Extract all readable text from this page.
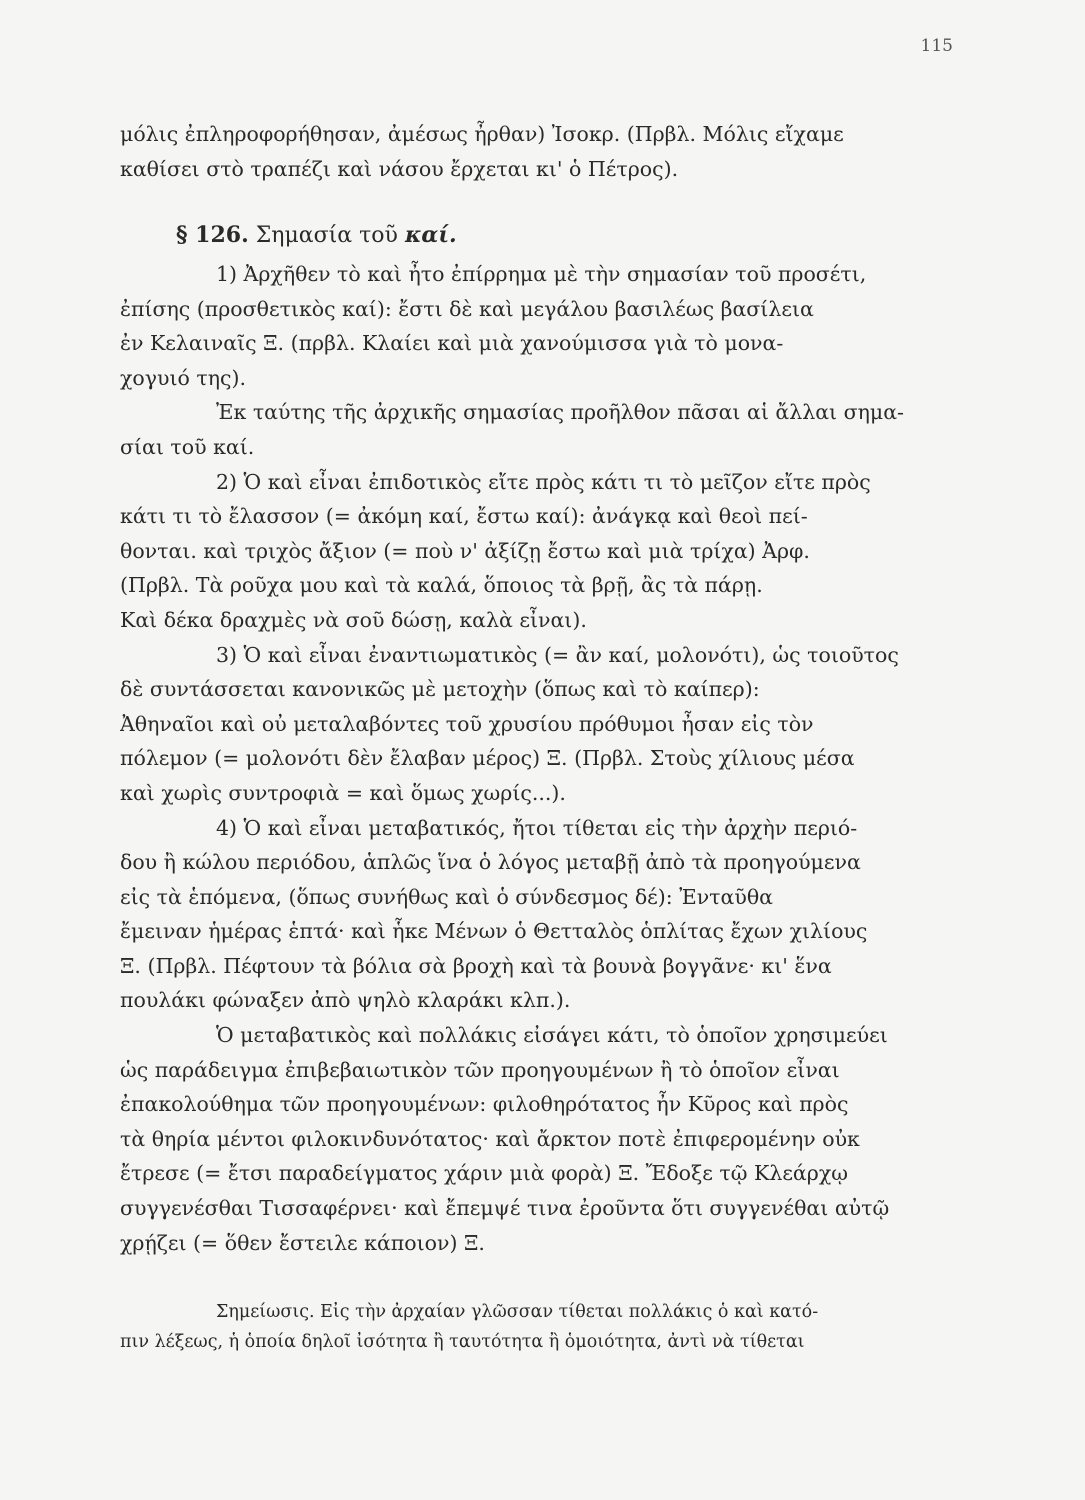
115
μόλις ἐπληροφορήθησαν, ἀμέσως ἦρθαν) Ἰσοκρ. (Πρβλ. Μόλις εἴχαμε
καθίσει στὸ τραπέζι καὶ νάσου ἔρχεται κι' ὁ Πέτρος).
§ 126. Σημασία τοῦ καί.
1) Ἀρχῆθεν τὸ καὶ ἦτο ἐπίρρημα μὲ τὴν σημασίαν τοῦ προσέτι,
ἐπίσης (προσθετικὸς καί): ἔστι δὲ καὶ μεγάλου βασιλέως βασίλεια
ἐν Κελαιναῖς Ξ. (πρβλ. Κλαίει καὶ μιὰ χανούμισσα γιὰ τὸ μονα-
χογυιό της).
Ἐκ ταύτης τῆς ἀρχικῆς σημασίας προῆλθον πᾶσαι αἱ ἄλλαι σημα-
σίαι τοῦ καί.
2) Ὁ καὶ εἶναι ἐπιδοτικὸς εἴτε πρὸς κάτι τι τὸ μεῖζον εἴτε πρὸς
κάτι τι τὸ ἔλασσον (= ἀκόμη καί, ἔστω καί): ἀνάγκᾳ καὶ θεοὶ πεί-
θονται. καὶ τριχὸς ἄξιον (= ποὺ ν' ἀξίζῃ ἔστω καὶ μιὰ τρίχα) Ἀρφ.
(Πρβλ. Τὰ ροῦχα μου καὶ τὰ καλά, ὅποιος τὰ βρῇ, ἂς τὰ πάρῃ.
Καὶ δέκα δραχμὲς νὰ σοῦ δώσῃ, καλὰ εἶναι).
3) Ὁ καὶ εἶναι ἐναντιωματικὸς (= ἂν καί, μολονότι), ὡς τοιοῦτος
δὲ συντάσσεται κανονικῶς μὲ μετοχὴν (ὅπως καὶ τὸ καίπερ):
Ἀθηναῖοι καὶ οὐ μεταλαβόντες τοῦ χρυσίου πρόθυμοι ἦσαν εἰς τὸν
πόλεμον (= μολονότι δὲν ἔλαβαν μέρος) Ξ. (Πρβλ. Στοὺς χίλιους μέσα
καὶ χωρὶς συντροφιὰ = καὶ ὅμως χωρίς...).
4) Ὁ καὶ εἶναι μεταβατικός, ἤτοι τίθεται εἰς τὴν ἀρχὴν περιό-
δου ἢ κώλου περιόδου, ἁπλῶς ἵνα ὁ λόγος μεταβῇ ἀπὸ τὰ προηγούμενα
εἰς τὰ ἑπόμενα, (ὅπως συνήθως καὶ ὁ σύνδεσμος δέ): Ἐνταῦθα
ἔμειναν ἡμέρας ἑπτά· καὶ ἧκε Μένων ὁ Θετταλὸς ὁπλίτας ἔχων χιλίους
Ξ. (Πρβλ. Πέφτουν τὰ βόλια σὰ βροχὴ καὶ τὰ βουνὰ βογγᾶνε· κι' ἕνα
πουλάκι φώναξεν ἀπὸ ψηλὸ κλαράκι κλπ.).
Ὁ μεταβατικὸς καὶ πολλάκις εἰσάγει κάτι, τὸ ὁποῖον χρησιμεύει
ὡς παράδειγμα ἐπιβεβαιωτικὸν τῶν προηγουμένων ἢ τὸ ὁποῖον εἶναι
ἐπακολούθημα τῶν προηγουμένων: φιλοθηρότατος ἦν Κῦρος καὶ πρὸς
τὰ θηρία μέντοι φιλοκινδυνότατος· καὶ ἄρκτον ποτὲ ἐπιφερομένην οὐκ
ἔτρεσε (= ἔτσι παραδείγματος χάριν μιὰ φορὰ) Ξ. Ἔδοξε τῷ Κλεάρχῳ
συγγενέσθαι Τισσαφέρνει· καὶ ἔπεμψέ τινα ἐροῦντα ὅτι συγγενέθαι αὐτῷ
χρῄζει (= ὅθεν ἔστειλε κάποιον) Ξ.
Σημείωσις. Εἰς τὴν ἀρχαίαν γλῶσσαν τίθεται πολλάκις ὁ καὶ κατό-
πιν λέξεως, ἡ ὁποία δηλοῖ ἰσότητα ἢ ταυτότητα ἢ ὁμοιότητα, ἀντὶ νὰ τίθεται
